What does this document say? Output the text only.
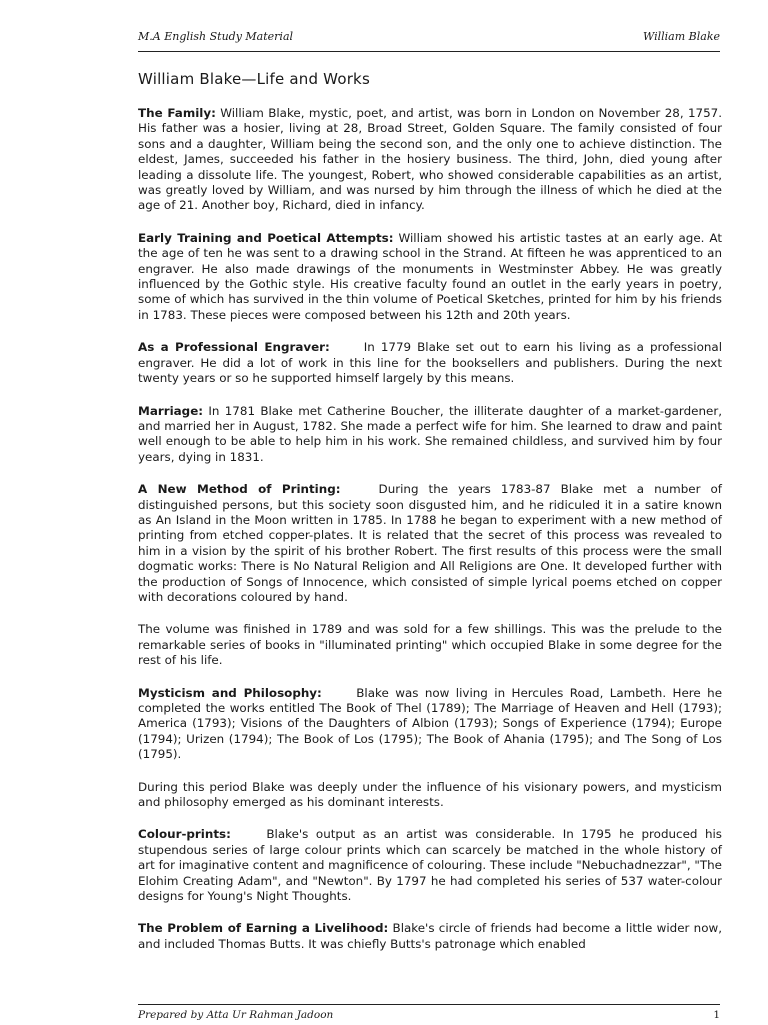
M.A English Study Material	William Blake
William Blake—Life and Works

The Family: William Blake, mystic, poet, and artist, was born in London on November 28, 1757. His father was a hosier, living at 28, Broad Street, Golden Square. The family consisted of four sons and a daughter, William being the second son, and the only one to achieve distinction. The eldest, James, succeeded his father in the hosiery business. The third, John, died young after leading a dissolute life. The youngest, Robert, who showed considerable capabilities as an artist, was greatly loved by William, and was nursed by him through the illness of which he died at the age of 21. Another boy, Richard, died in infancy.

Early Training and Poetical Attempts: William showed his artistic tastes at an early age. At the age of ten he was sent to a drawing school in the Strand. At fifteen he was apprenticed to an engraver. He also made drawings of the monuments in Westminster Abbey. He was greatly influenced by the Gothic style. His creative faculty found an outlet in the early years in poetry, some of which has survived in the thin volume of Poetical Sketches, printed for him by his friends in 1783. These pieces were composed between his 12th and 20th years.

As a Professional Engraver:	In 1779 Blake set out to earn his living as a professional engraver. He did a lot of work in this line for the booksellers and publishers. During the next twenty years or so he supported himself largely by this means.

Marriage: In 1781 Blake met Catherine Boucher, the illiterate daughter of a market-gardener, and married her in August, 1782. She made a perfect wife for him. She learned to draw and paint well enough to be able to help him in his work. She remained childless, and survived him by four years, dying in 1831.

A New Method of Printing:	During the years 1783-87 Blake met a number of distinguished persons, but this society soon disgusted him, and he ridiculed it in a satire known as An Island in the Moon written in 1785. In 1788 he began to experiment with a new method of printing from etched copper-plates. It is related that the secret of this process was revealed to him in a vision by the spirit of his brother Robert. The first results of this process were the small dogmatic works: There is No Natural Religion and All Religions are One. It developed further with the production of Songs of Innocence, which consisted of simple lyrical poems etched on copper with decorations coloured by hand.

The volume was finished in 1789 and was sold for a few shillings. This was the prelude to the remarkable series of books in "illuminated printing" which occupied Blake in some degree for the rest of his life.

Mysticism and Philosophy:	Blake was now living in Hercules Road, Lambeth. Here he completed the works entitled The Book of Thel (1789); The Marriage of Heaven and Hell (1793); America (1793); Visions of the Daughters of Albion (1793); Songs of Experience (1794); Europe (1794); Urizen (1794); The Book of Los (1795); The Book of Ahania (1795); and The Song of Los (1795).

During this period Blake was deeply under the influence of his visionary powers, and mysticism and philosophy emerged as his dominant interests.

Colour-prints:	Blake's output as an artist was considerable. In 1795 he produced his stupendous series of large colour prints which can scarcely be matched in the whole history of art for imaginative content and magnificence of colouring. These include "Nebuchadnezzar", "The Elohim Creating Adam", and "Newton". By 1797 he had completed his series of 537 water-colour designs for Young's Night Thoughts.

The Problem of Earning a Livelihood: Blake's circle of friends had become a little wider now, and included Thomas Butts. It was chiefly Butts's patronage which enabled

Prepared by Atta Ur Rahman Jadoon	1
